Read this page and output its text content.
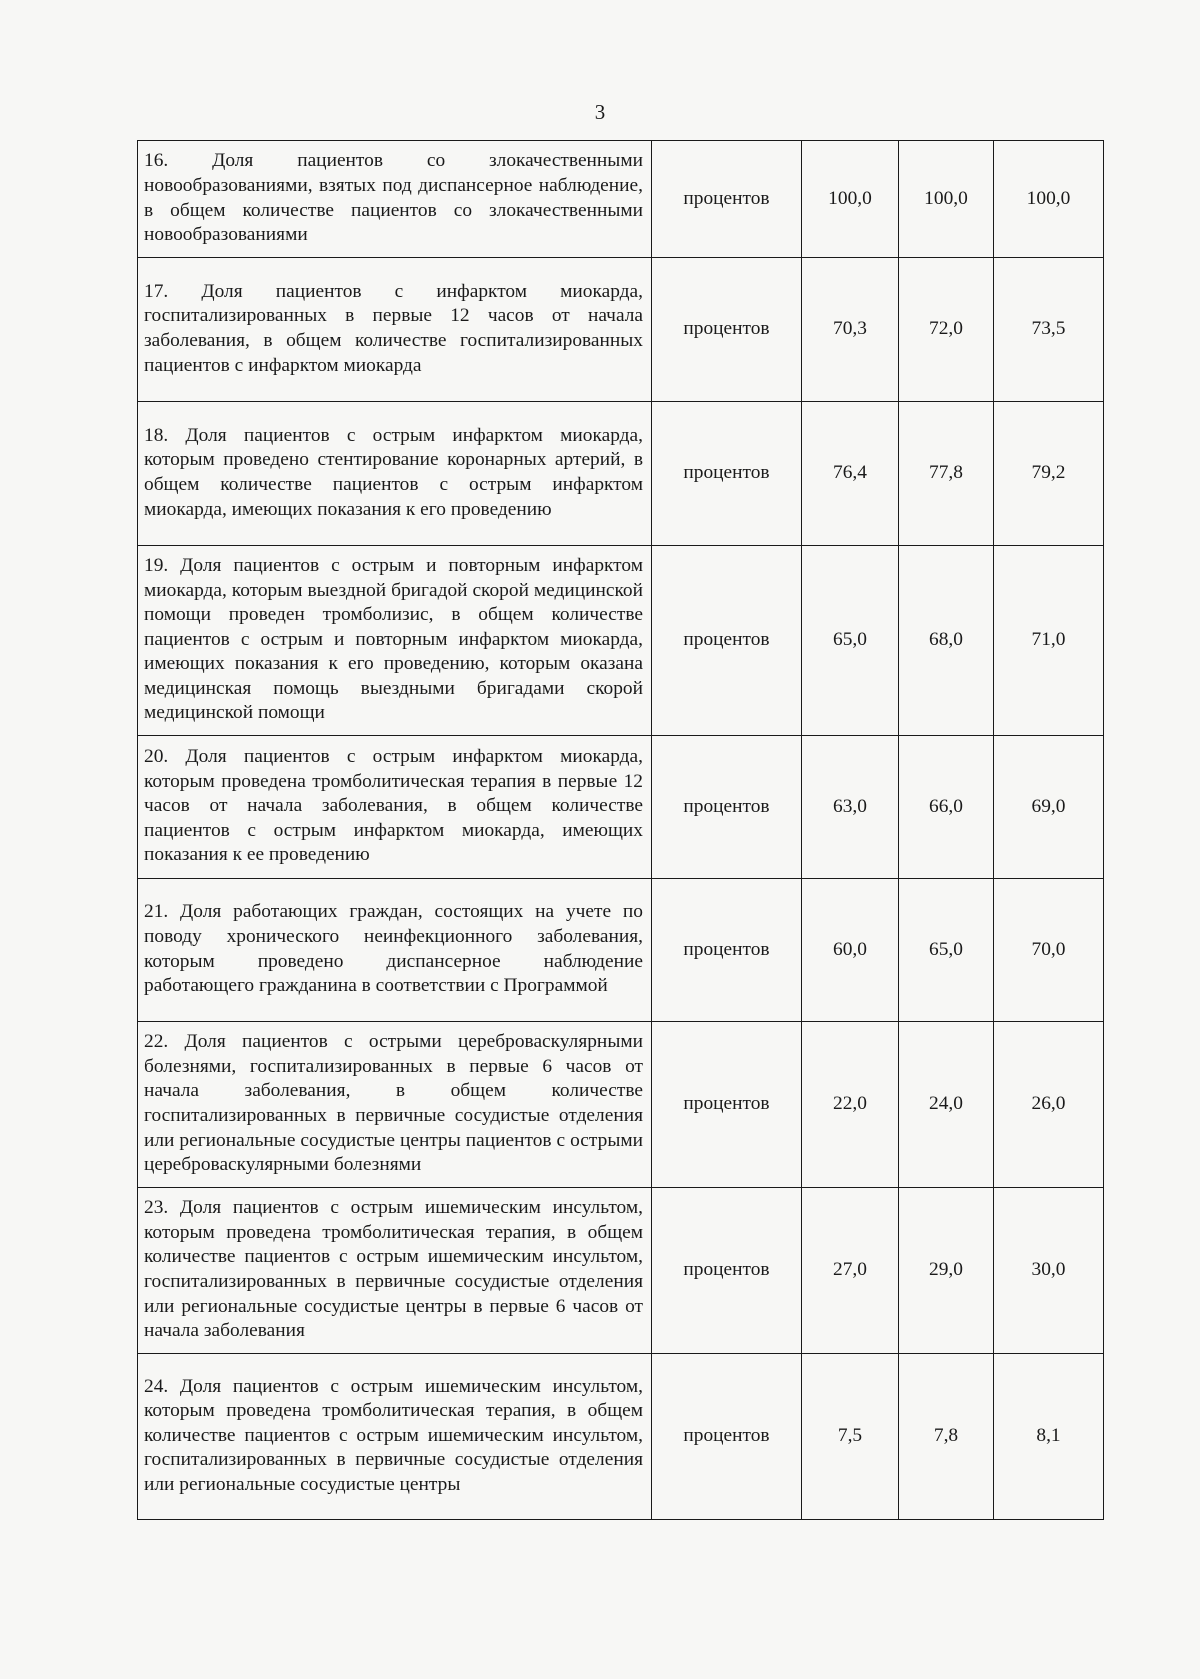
3
16. Доля пациентов со злокачественными новообразованиями, взятых под диспансерное наблюдение, в общем количестве пациентов со злокачественными новообразованиями	процентов	100,0	100,0	100,0
17. Доля пациентов с инфарктом миокарда, госпитализированных в первые 12 часов от начала заболевания, в общем количестве госпитализированных пациентов с инфарктом миокарда	процентов	70,3	72,0	73,5
18. Доля пациентов с острым инфарктом миокарда, которым проведено стентирование коронарных артерий, в общем количестве пациентов с острым инфарктом миокарда, имеющих показания к его проведению	процентов	76,4	77,8	79,2
19. Доля пациентов с острым и повторным инфарктом миокарда, которым выездной бригадой скорой медицинской помощи проведен тромболизис, в общем количестве пациентов с острым и повторным инфарктом миокарда, имеющих показания к его проведению, которым оказана медицинская помощь выездными бригадами скорой медицинской помощи	процентов	65,0	68,0	71,0
20. Доля пациентов с острым инфарктом миокарда, которым проведена тромболитическая терапия в первые 12 часов от начала заболевания, в общем количестве пациентов с острым инфарктом миокарда, имеющих показания к ее проведению	процентов	63,0	66,0	69,0
21. Доля работающих граждан, состоящих на учете по поводу хронического неинфекционного заболевания, которым проведено диспансерное наблюдение работающего гражданина в соответствии с Программой	процентов	60,0	65,0	70,0
22. Доля пациентов с острыми цереброваскулярными болезнями, госпитализированных в первые 6 часов от начала заболевания, в общем количестве госпитализированных в первичные сосудистые отделения или региональные сосудистые центры пациентов с острыми цереброваскулярными болезнями	процентов	22,0	24,0	26,0
23. Доля пациентов с острым ишемическим инсультом, которым проведена тромболитическая терапия, в общем количестве пациентов с острым ишемическим инсультом, госпитализированных в первичные сосудистые отделения или региональные сосудистые центры в первые 6 часов от начала заболевания	процентов	27,0	29,0	30,0
24. Доля пациентов с острым ишемическим инсультом, которым проведена тромболитическая терапия, в общем количестве пациентов с острым ишемическим инсультом, госпитализированных в первичные сосудистые отделения или региональные сосудистые центры	процентов	7,5	7,8	8,1
